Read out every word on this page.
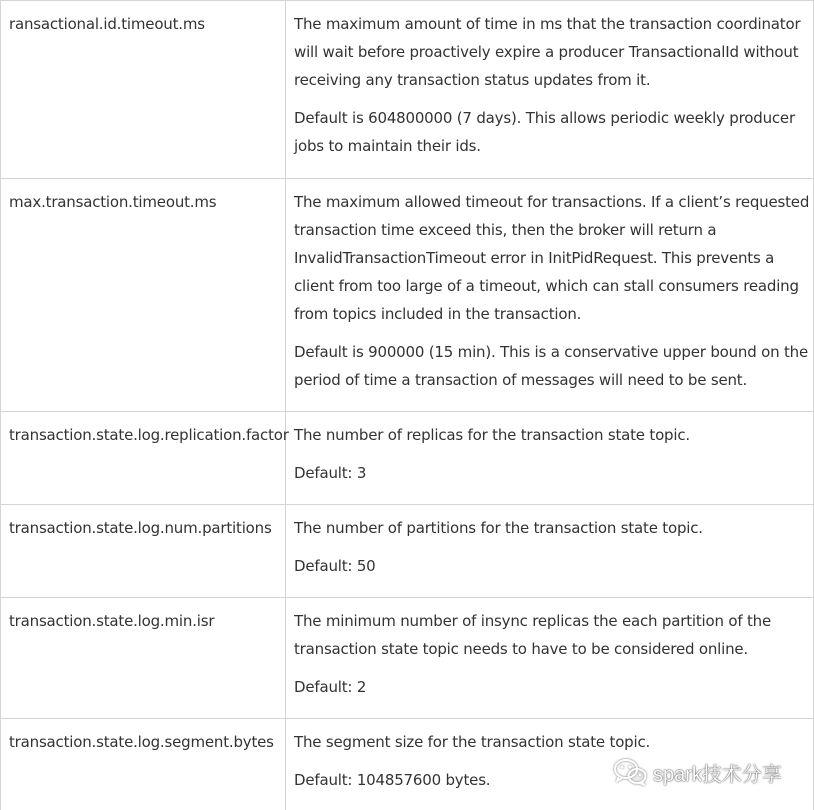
ransactional.id.timeout.ms	The maximum amount of time in ms that the transaction coordinator will wait before proactively expire a producer TransactionalId without receiving any transaction status updates from it.

Default is 604800000 (7 days). This allows periodic weekly producer jobs to maintain their ids.

max.transaction.timeout.ms	The maximum allowed timeout for transactions. If a client’s requested transaction time exceed this, then the broker will return a InvalidTransactionTimeout error in InitPidRequest. This prevents a client from too large of a timeout, which can stall consumers reading from topics included in the transaction.

Default is 900000 (15 min). This is a conservative upper bound on the period of time a transaction of messages will need to be sent.

transaction.state.log.replication.factor	The number of replicas for the transaction state topic.

Default: 3

transaction.state.log.num.partitions	The number of partitions for the transaction state topic.

Default: 50

transaction.state.log.min.isr	The minimum number of insync replicas the each partition of the transaction state topic needs to have to be considered online.

Default: 2

transaction.state.log.segment.bytes	The segment size for the transaction state topic.

Default: 104857600 bytes.	spark技术分享
